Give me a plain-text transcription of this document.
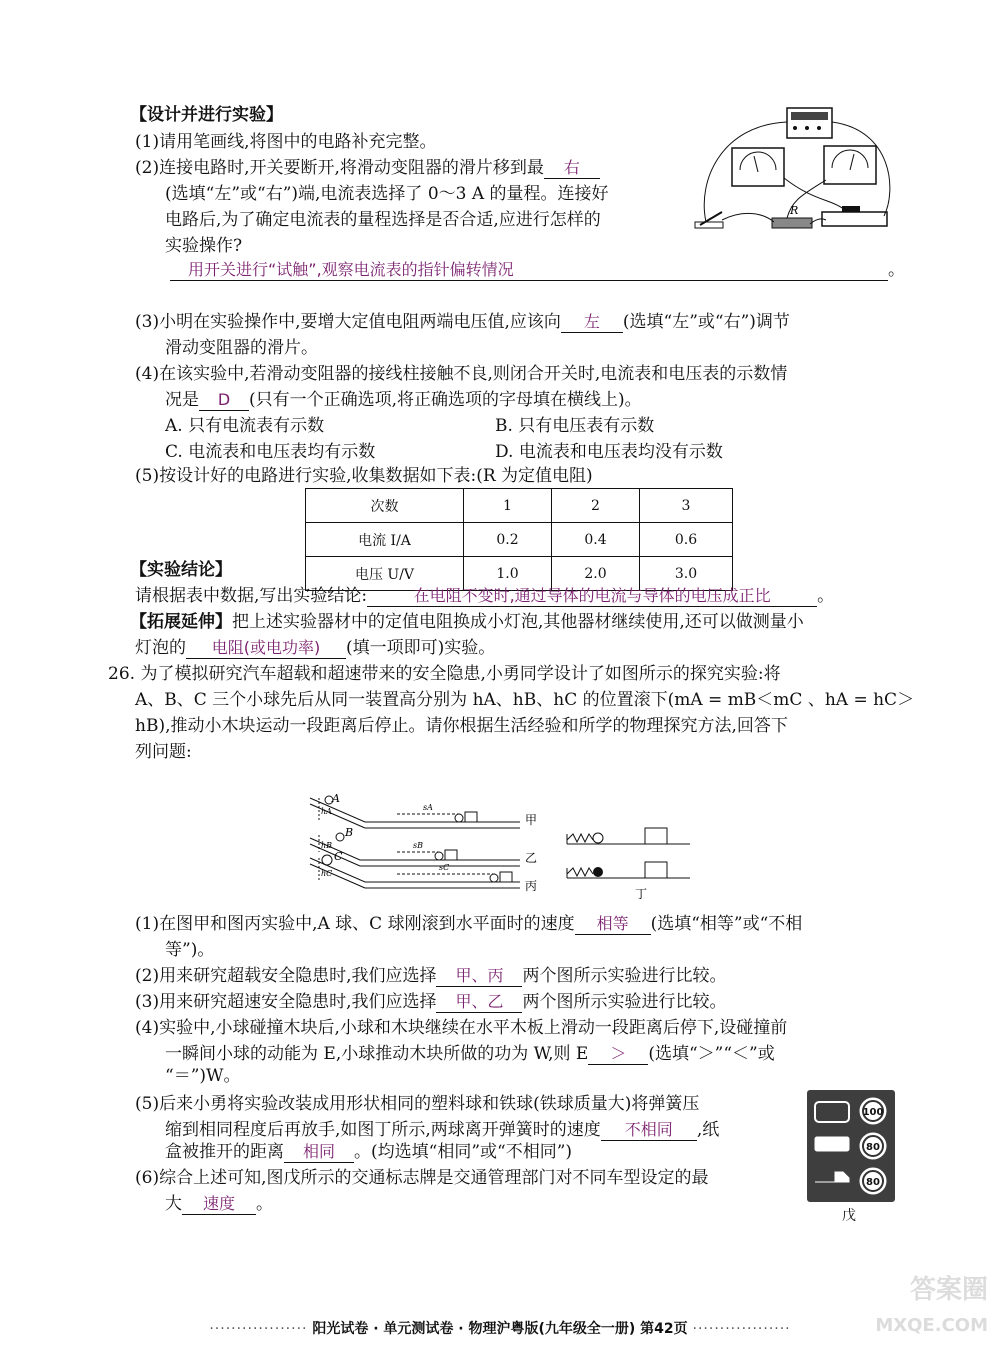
【设计并进行实验】
(1)请用笔画线,将图中的电路补充完整。
(2)连接电路时,开关要断开,将滑动变阻器的滑片移到最 右
(选填“左”或“右”)端,电流表选择了 0～3 A 的量程。连接好
电路后,为了确定电流表的量程选择是否合适,应进行怎样的
实验操作?
用开关进行“试触”,观察电流表的指针偏转情况	。
R
(3)小明在实验操作中,要增大定值电阻两端电压值,应该向 左 (选填“左”或“右”)调节
滑动变阻器的滑片。
(4)在该实验中,若滑动变阻器的接线柱接触不良,则闭合开关时,电流表和电压表的示数情
况是 D (只有一个正确选项,将正确选项的字母填在横线上)。
A. 只有电流表有示数	B. 只有电压表有示数
C. 电流表和电压表均有示数	D. 电流表和电压表均没有示数
(5)按设计好的电路进行实验,收集数据如下表:(R 为定值电阻)
次数	1	2	3
电流 I/A	0.2	0.4	0.6
电压 U/V	1.0	2.0	3.0
【实验结论】
请根据表中数据,写出实验结论:	在电阻不变时,通过导体的电流与导体的电压成正比	。
【拓展延伸】把上述实验器材中的定值电阻换成小灯泡,其他器材继续使用,还可以做测量小
灯泡的 电阻(或电功率) (填一项即可)实验。
26. 为了模拟研究汽车超载和超速带来的安全隐患,小勇同学设计了如图所示的探究实验:将
A、B、C 三个小球先后从同一装置高分别为 hA、hB、hC 的位置滚下(mA = mB＜mC 、hA = hC＞
hB),推动小木块运动一段距离后停止。请你根据生活经验和所学的物理探究方法,回答下
列问题:
A
B
C
hA
hB
hC
sA
sB
sC
甲
乙
丙
丁
(1)在图甲和图丙实验中,A 球、C 球刚滚到水平面时的速度 相等 (选填“相等”或“不相
等”)。
(2)用来研究超载安全隐患时,我们应选择 甲、丙 两个图所示实验进行比较。
(3)用来研究超速安全隐患时,我们应选择 甲、乙 两个图所示实验进行比较。
(4)实验中,小球碰撞木块后,小球和木块继续在水平木板上滑动一段距离后停下,设碰撞前
一瞬间小球的动能为 E,小球推动木块所做的功为 W,则 E ＞ (选填“＞”“＜”或
“＝”)W。
(5)后来小勇将实验改装成用形状相同的塑料球和铁球(铁球质量大)将弹簧压
缩到相同程度后再放手,如图丁所示,两球离开弹簧时的速度 不相同 ,纸
盒被推开的距离 相同 。(均选填“相同”或“不相同”)
(6)综合上述可知,图戊所示的交通标志牌是交通管理部门对不同车型设定的最
大 速度 。
100
80
80
戊
·················· 阳光试卷 · 单元测试卷 · 物理沪粤版(九年级全一册) 第42页 ··················
答案圈
MXQE.COM
